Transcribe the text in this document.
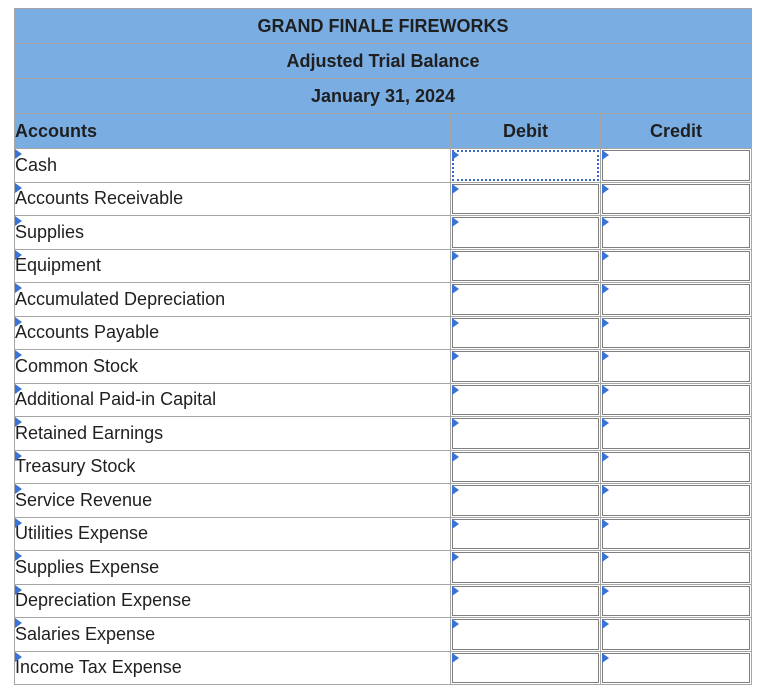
GRAND FINALE FIREWORKS		
Adjusted Trial Balance		
January 31, 2024		
Accounts	Debit	Credit

Cash	

Accounts Receivable	

Supplies	

Equipment	

Accumulated Depreciation	

Accounts Payable	

Common Stock	

Additional Paid-in Capital	

Retained Earnings	

Treasury Stock	

Service Revenue	

Utilities Expense	

Supplies Expense	

Depreciation Expense	

Salaries Expense	

Income Tax Expense	
